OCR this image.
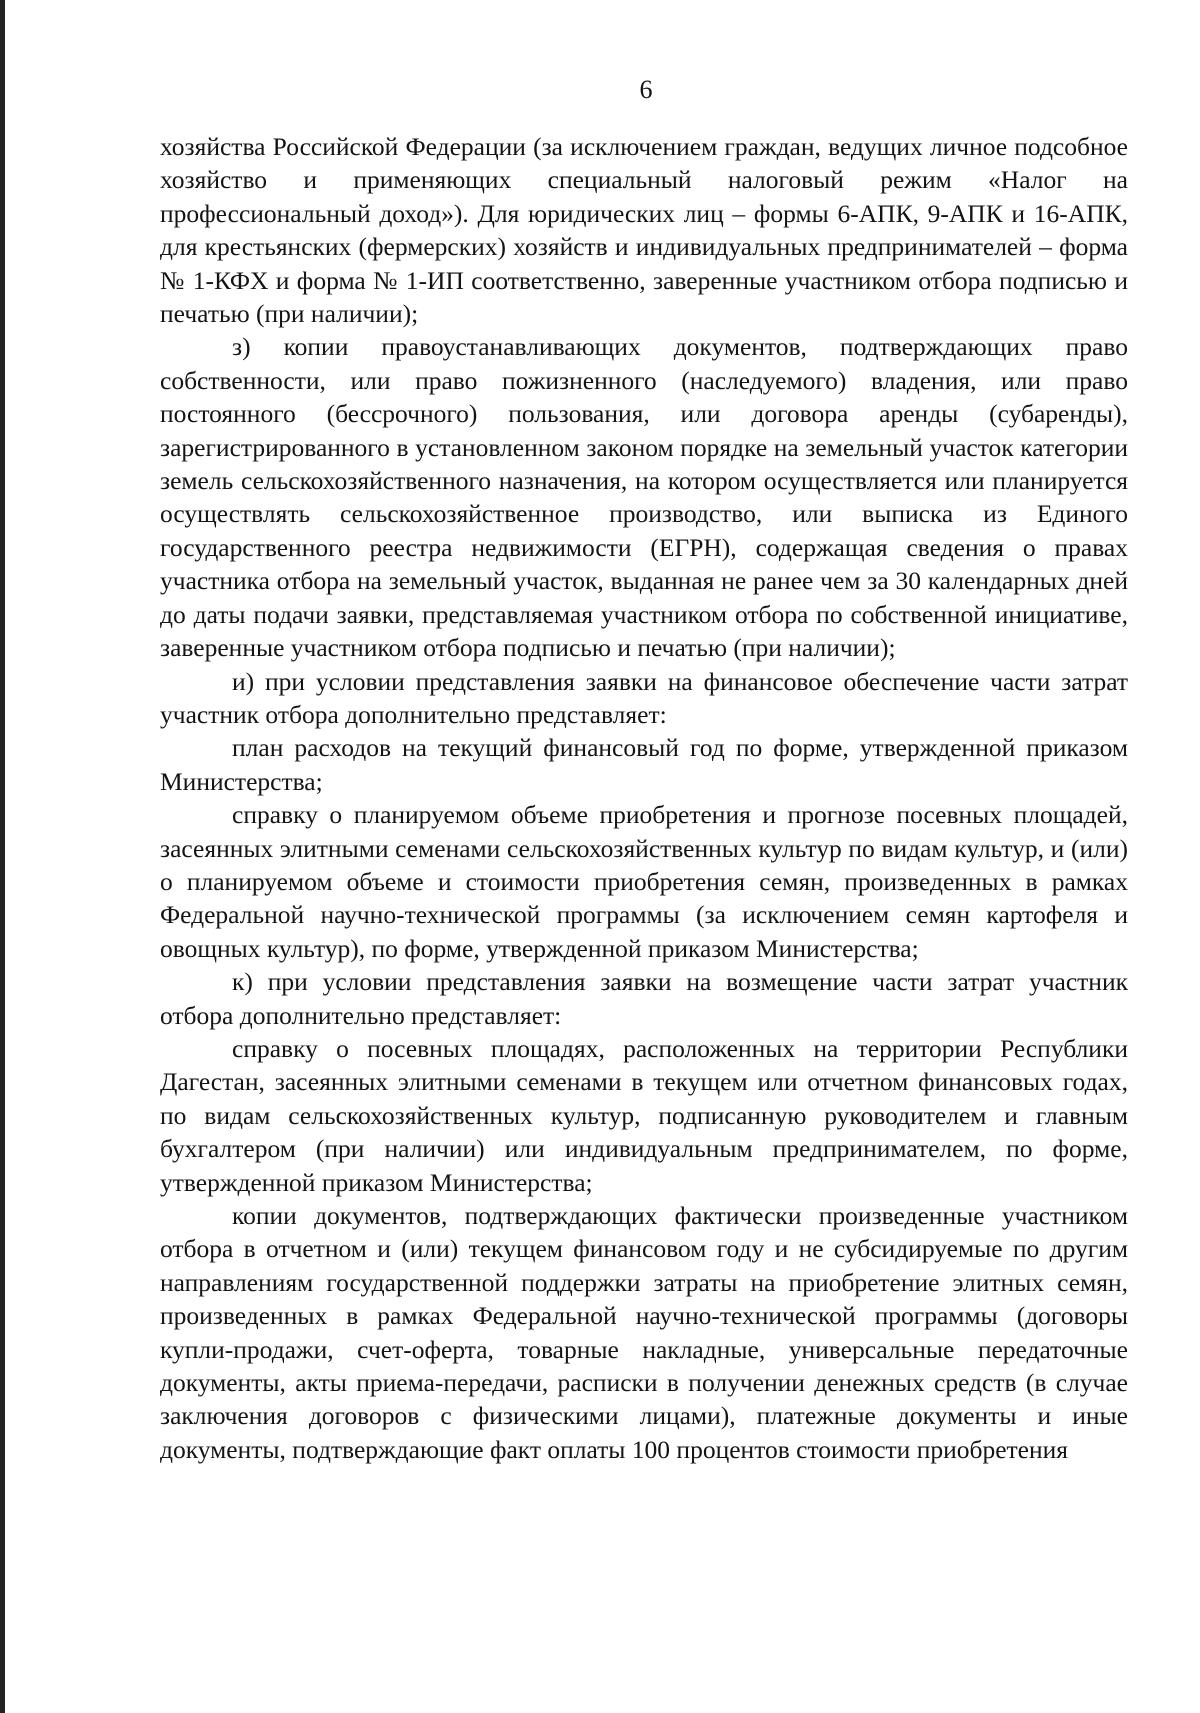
6

хозяйства Российской Федерации (за исключением граждан, ведущих личное подсобное хозяйство и применяющих специальный налоговый режим «Налог на профессиональный доход»). Для юридических лиц – формы 6-АПК, 9-АПК и 16-АПК, для крестьянских (фермерских) хозяйств и индивидуальных предпринимателей – форма № 1-КФХ и форма № 1-ИП соответственно, заверенные участником отбора подписью и печатью (при наличии);

з) копии правоустанавливающих документов, подтверждающих право собственности, или право пожизненного (наследуемого) владения, или право постоянного (бессрочного) пользования, или договора аренды (субаренды), зарегистрированного в установленном законом порядке на земельный участок категории земель сельскохозяйственного назначения, на котором осуществляется или планируется осуществлять сельскохозяйственное производство, или выписка из Единого государственного реестра недвижимости (ЕГРН), содержащая сведения о правах участника отбора на земельный участок, выданная не ранее чем за 30 календарных дней до даты подачи заявки, представляемая участником отбора по собственной инициативе, заверенные участником отбора подписью и печатью (при наличии);

и) при условии представления заявки на финансовое обеспечение части затрат участник отбора дополнительно представляет:

план расходов на текущий финансовый год по форме, утвержденной приказом Министерства;

справку о планируемом объеме приобретения и прогнозе посевных площадей, засеянных элитными семенами сельскохозяйственных культур по видам культур, и (или) о планируемом объеме и стоимости приобретения семян, произведенных в рамках Федеральной научно-технической программы (за исключением семян картофеля и овощных культур), по форме, утвержденной приказом Министерства;

к) при условии представления заявки на возмещение части затрат участник отбора дополнительно представляет:

справку о посевных площадях, расположенных на территории Республики Дагестан, засеянных элитными семенами в текущем или отчетном финансовых годах, по видам сельскохозяйственных культур, подписанную руководителем и главным бухгалтером (при наличии) или индивидуальным предпринимателем, по форме, утвержденной приказом Министерства;

копии документов, подтверждающих фактически произведенные участником отбора в отчетном и (или) текущем финансовом году и не субсидируемые по другим направлениям государственной поддержки затраты на приобретение элитных семян, произведенных в рамках Федеральной научно-технической программы (договоры купли-продажи, счет-оферта, товарные накладные, универсальные передаточные документы, акты приема-передачи, расписки в получении денежных средств (в случае заключения договоров с физическими лицами), платежные документы и иные документы, подтверждающие факт оплаты 100 процентов стоимости приобретения
